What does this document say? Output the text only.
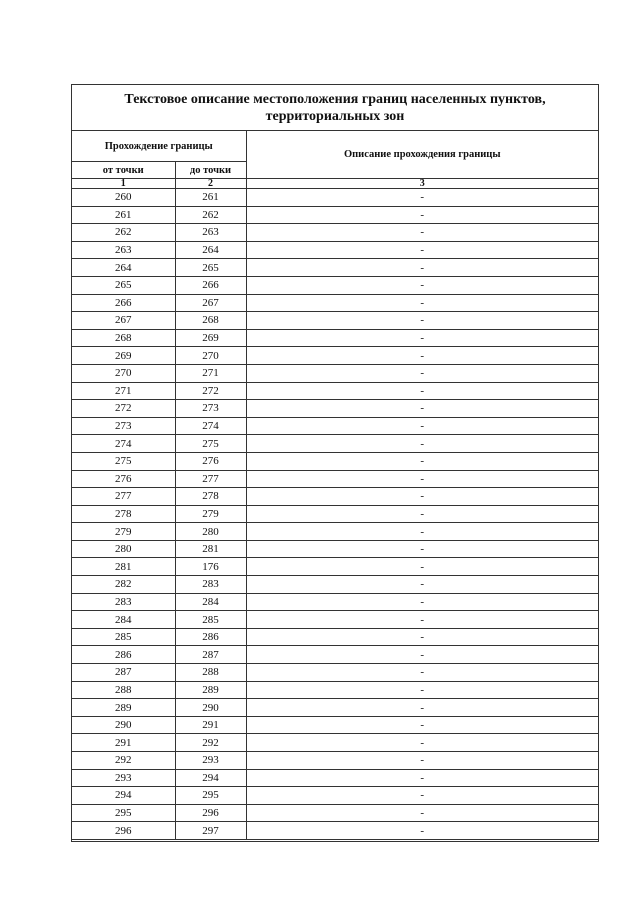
Текстовое описание местоположения границ населенных пунктов,
территориальных зон
Прохождение границы		Описание прохождения границы
от точки	до точки	
1	2	3
260	261	-
261	262	-
262	263	-
263	264	-
264	265	-
265	266	-
266	267	-
267	268	-
268	269	-
269	270	-
270	271	-
271	272	-
272	273	-
273	274	-
274	275	-
275	276	-
276	277	-
277	278	-
278	279	-
279	280	-
280	281	-
281	176	-
282	283	-
283	284	-
284	285	-
285	286	-
286	287	-
287	288	-
288	289	-
289	290	-
290	291	-
291	292	-
292	293	-
293	294	-
294	295	-
295	296	-
296	297	-
